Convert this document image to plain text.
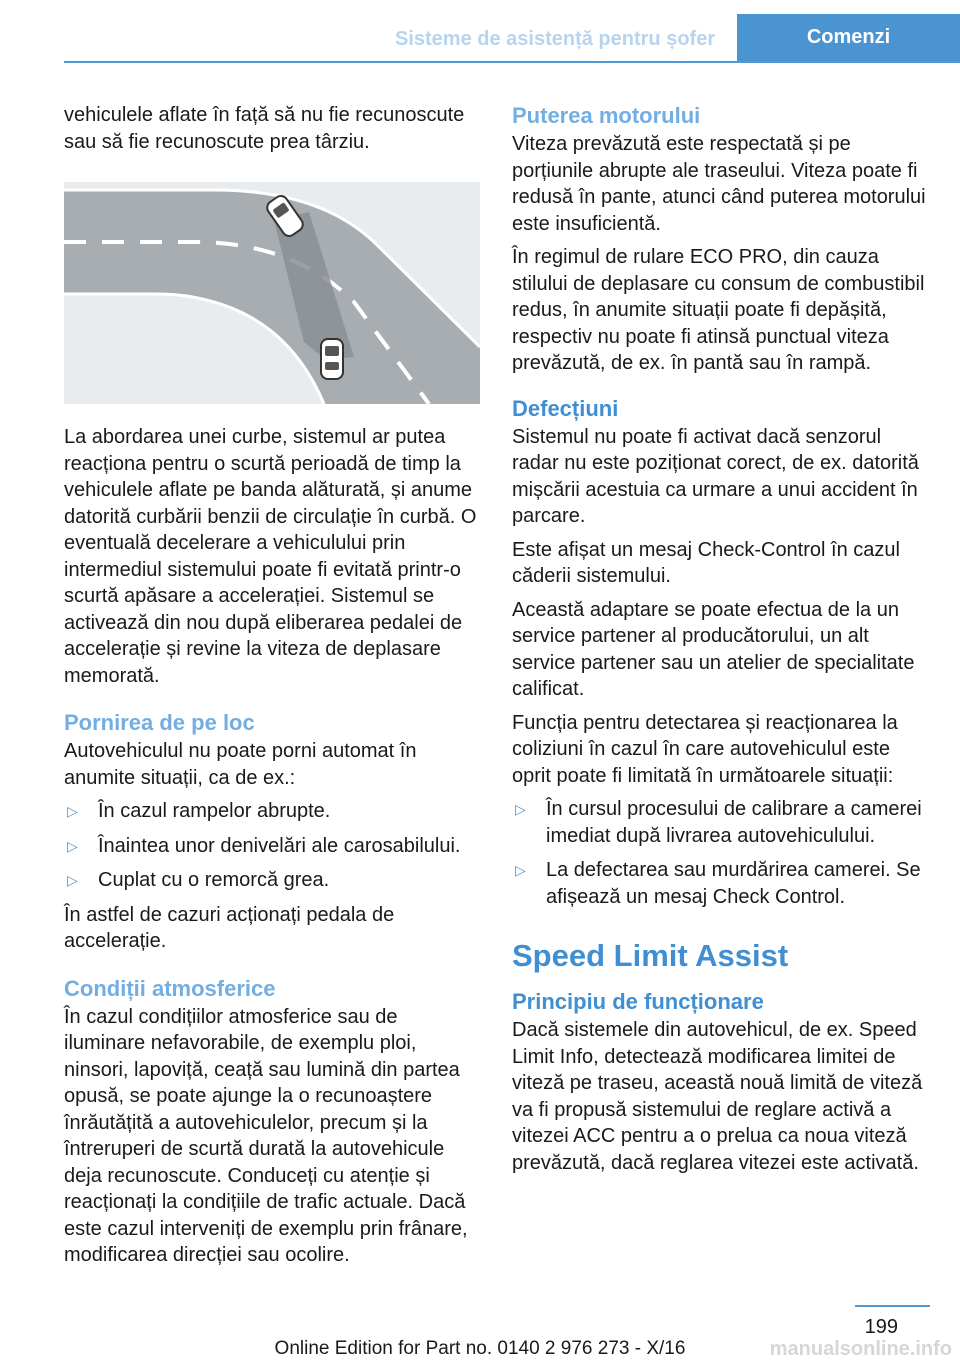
Sisteme de asistență pentru șofer	Comenzi

vehiculele aflate în față să nu fie recunoscute sau să fie recunoscute prea târziu.

La abordarea unei curbe, sistemul ar putea reacționa pentru o scurtă perioadă de timp la vehiculele aflate pe banda alăturată, și anume datorită curbării benzii de circulație în curbă. O eventuală decelerare a vehiculului prin intermediul sistemului poate fi evitată printr-o scurtă apăsare a accelerației. Sistemul se activează din nou după eliberarea pedalei de accelerație și revine la viteza de deplasare memorată.

Pornirea de pe loc

Autovehiculul nu poate porni automat în anumite situații, ca de ex.:

▷ În cazul rampelor abrupte.
▷ Înaintea unor denivelări ale carosabilului.
▷ Cuplat cu o remorcă grea.

În astfel de cazuri acționați pedala de accelerație.

Condiții atmosferice

În cazul condițiilor atmosferice sau de iluminare nefavorabile, de exemplu ploi, ninsori, lapoviță, ceață sau lumină din partea opusă, se poate ajunge la o recunoaștere înrăutățită a autovehiculelor, precum și la întreruperi de scurtă durată la autovehicule deja recunoscute. Conduceți cu atenție și reacționați la condițiile de trafic actuale. Dacă este cazul interveniți de exemplu prin frânare, modificarea direcției sau ocolire.

Puterea motorului

Viteza prevăzută este respectată și pe porțiunile abrupte ale traseului. Viteza poate fi redusă în pante, atunci când puterea motorului este insuficientă.

În regimul de rulare ECO PRO, din cauza stilului de deplasare cu consum de combustibil redus, în anumite situații poate fi depășită, respectiv nu poate fi atinsă punctual viteza prevăzută, de ex. în pantă sau în rampă.

Defecțiuni

Sistemul nu poate fi activat dacă senzorul radar nu este poziționat corect, de ex. datorită mișcării acestuia ca urmare a unui accident în parcare.

Este afișat un mesaj Check-Control în cazul căderii sistemului.

Această adaptare se poate efectua de la un service partener al producătorului, un alt service partener sau un atelier de specialitate calificat.

Funcția pentru detectarea și reacționarea la coliziuni în cazul în care autovehiculul este oprit poate fi limitată în următoarele situații:

▷ În cursul procesului de calibrare a camerei imediat după livrarea autovehiculului.
▷ La defectarea sau murdărirea camerei. Se afișează un mesaj Check Control.
Speed Limit Assist
Principiu de funcționare

Dacă sistemele din autovehicul, de ex. Speed Limit Info, detectează modificarea limitei de viteză pe traseu, această nouă limită de viteză va fi propusă sistemului de reglare activă a vitezei ACC pentru a o prelua ca noua viteză prevăzută, dacă reglarea vitezei este activată.

199
Online Edition for Part no. 0140 2 976 273 - X/16	manualsonline.info
